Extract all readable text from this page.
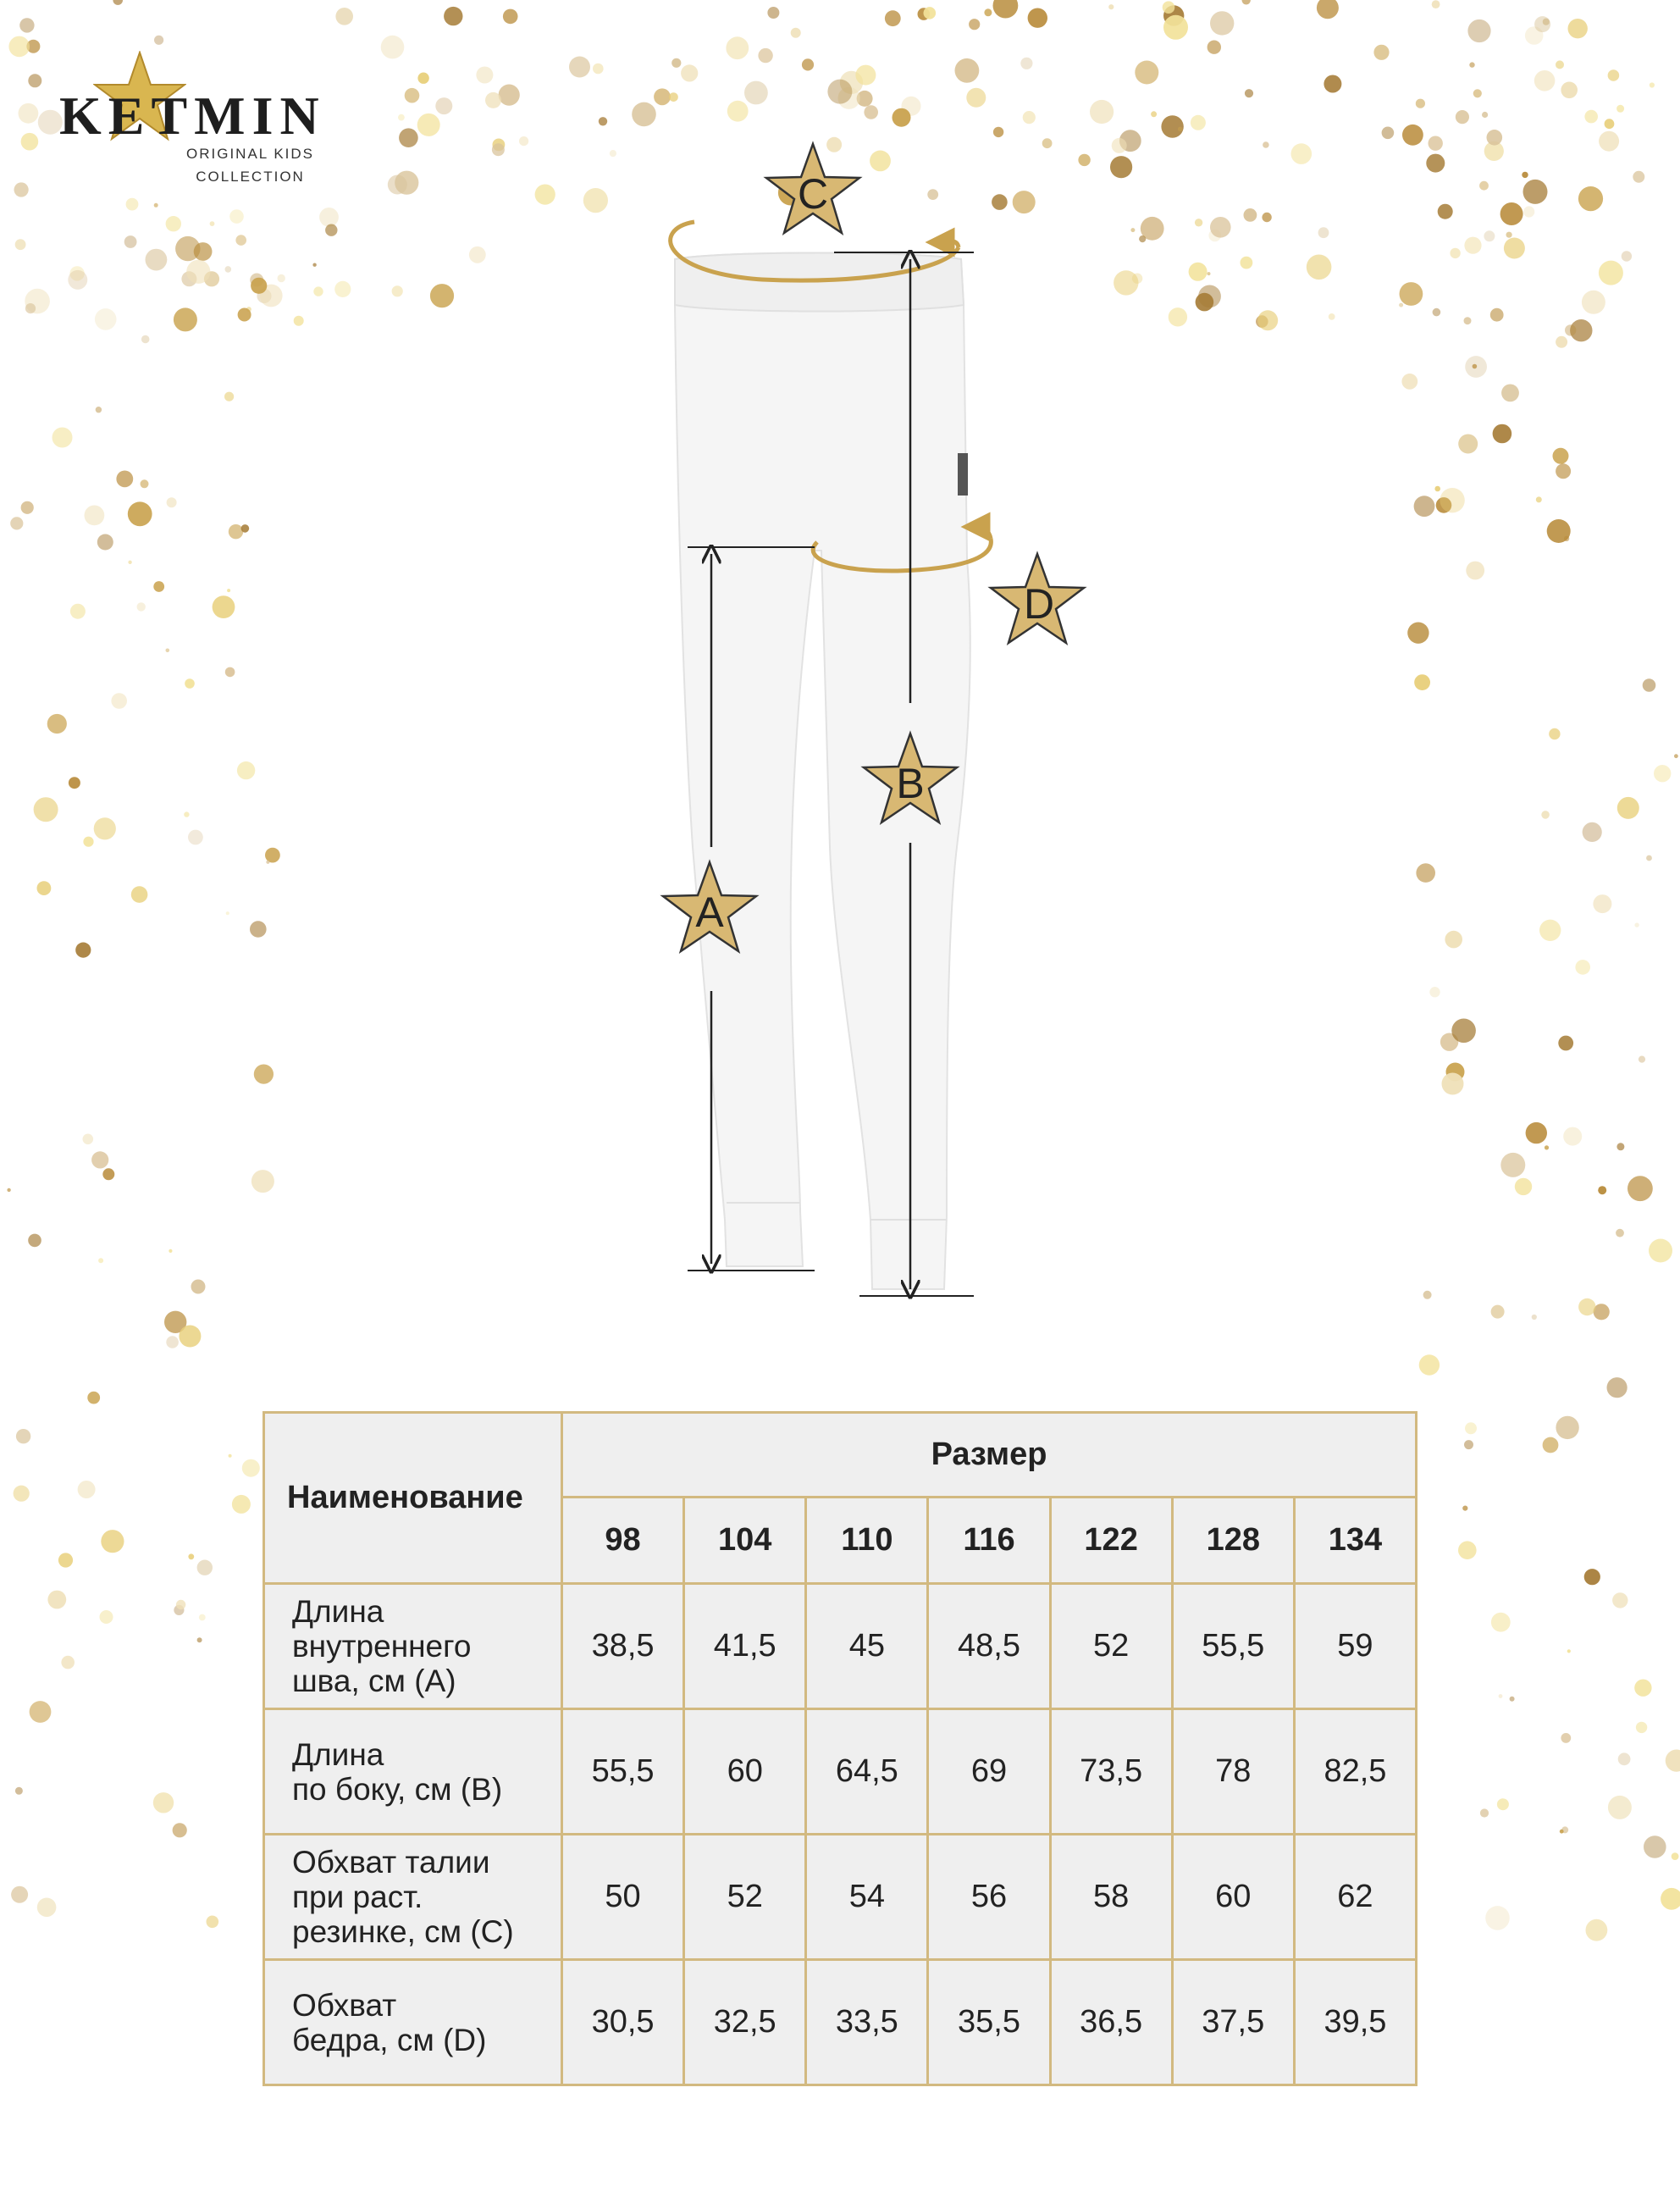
KETMIN
ORIGINAL KIDS
COLLECTION	C
D
B
A
Наименование	Размер						
	98	104	110	116	122	128	134

Длина
внутреннего
шва, см (A)	38,5	41,5	45	48,5	52	55,5	59

Длина
по боку, см (B)	55,5	60	64,5	69	73,5	78	82,5

Обхват талии
при раст.
резинке, см (C)	50	52	54	56	58	60	62

Обхват
бедра, см (D)	30,5	32,5	33,5	35,5	36,5	37,5	39,5
